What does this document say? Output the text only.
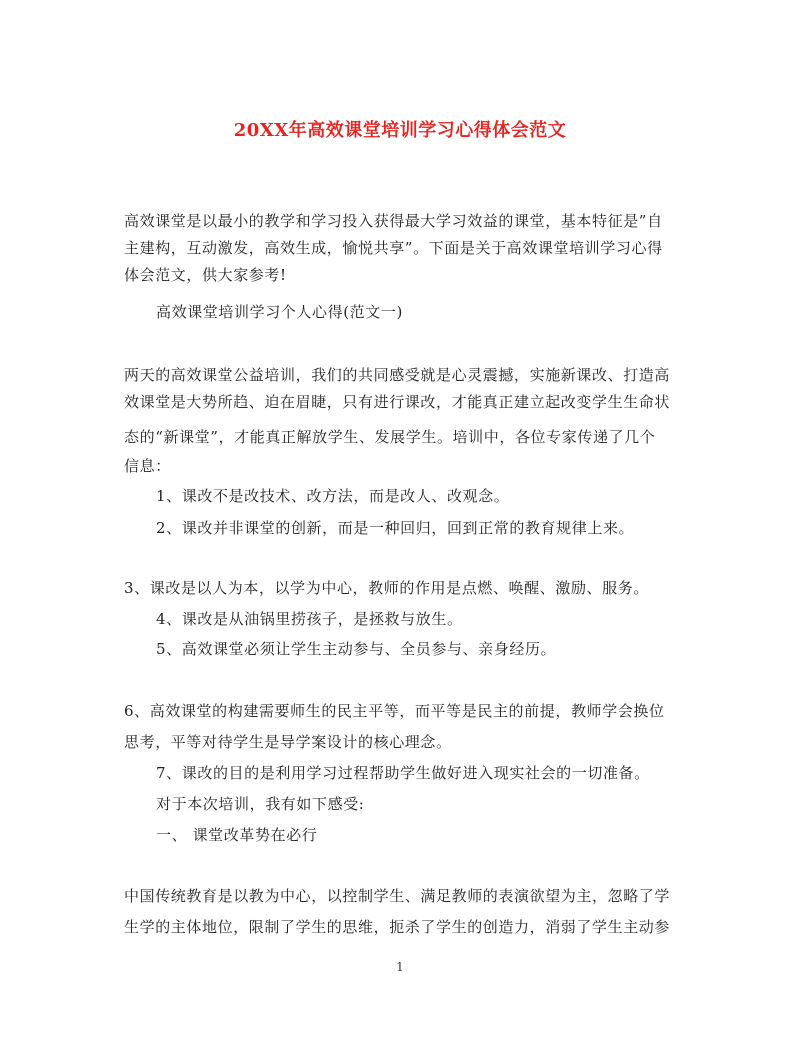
20XX年高效课堂培训学习心得体会范文
高效课堂是以最小的教学和学习投入获得最大学习效益的课堂，基本特征是”自
主建构，互动激发，高效生成，愉悦共享”。下面是关于高效课堂培训学习心得
体会范文，供大家参考!
高效课堂培训学习个人心得(范文一)
两天的高效课堂公益培训，我们的共同感受就是心灵震撼，实施新课改、打造高
效课堂是大势所趋、迫在眉睫，只有进行课改，才能真正建立起改变学生生命状
态的“新课堂”，才能真正解放学生、发展学生。培训中，各位专家传递了几个
信息：
1、课改不是改技术、改方法，而是改人、改观念。
2、课改并非课堂的创新，而是一种回归，回到正常的教育规律上来。
3、课改是以人为本，以学为中心，教师的作用是点燃、唤醒、激励、服务。
4、课改是从油锅里捞孩子，是拯救与放生。
5、高效课堂必须让学生主动参与、全员参与、亲身经历。
6、高效课堂的构建需要师生的民主平等，而平等是民主的前提，教师学会换位
思考，平等对待学生是导学案设计的核心理念。
7、课改的目的是利用学习过程帮助学生做好进入现实社会的一切准备。
对于本次培训，我有如下感受:
一、 课堂改革势在必行
中国传统教育是以教为中心，以控制学生、满足教师的表演欲望为主，忽略了学
生学的主体地位，限制了学生的思维，扼杀了学生的创造力，消弱了学生主动参
1
